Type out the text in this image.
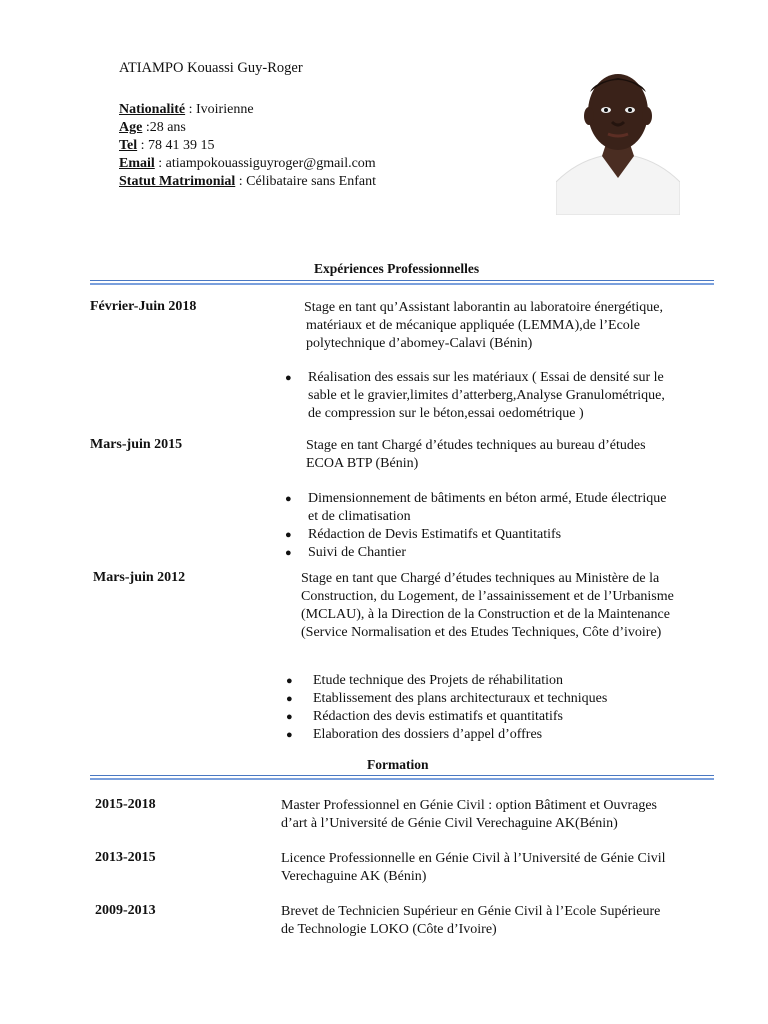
ATIAMPO Kouassi Guy-Roger
Nationalité : Ivoirienne
Age :28 ans
Tel : 78 41 39 15
Email : atiampokouassiguyroger@gmail.com
Statut Matrimonial : Célibataire sans Enfant
Expériences Professionnelles
Février-Juin 2018	Stage en tant qu’Assistant laborantin au laboratoire énergétique,
matériaux et de mécanique appliquée (LEMMA),de l’Ecole
polytechnique d’abomey-Calavi (Bénin)
● Réalisation des essais sur les matériaux ( Essai de densité sur le
sable et le gravier,limites d’atterberg,Analyse Granulométrique,
de compression sur le béton,essai oedométrique )
Mars-juin 2015	Stage en tant Chargé d’études techniques au bureau d’études
ECOA BTP (Bénin)
● Dimensionnement de bâtiments en béton armé, Etude électrique
et de climatisation
● Rédaction de Devis Estimatifs et Quantitatifs
● Suivi de Chantier
Mars-juin 2012	Stage en tant que Chargé d’études techniques au Ministère de la
Construction, du Logement, de l’assainissement et de l’Urbanisme
(MCLAU), à la Direction de la Construction et de la Maintenance
(Service Normalisation et des Etudes Techniques, Côte d’ivoire)
● Etude technique des Projets de réhabilitation
● Etablissement des plans architecturaux et techniques
● Rédaction des devis estimatifs et quantitatifs
● Elaboration des dossiers d’appel d’offres
Formation
2015-2018	Master Professionnel en Génie Civil : option Bâtiment et Ouvrages
d’art à l’Université de Génie Civil Verechaguine AK(Bénin)
2013-2015	Licence Professionnelle en Génie Civil à l’Université de Génie Civil
Verechaguine AK (Bénin)
2009-2013	Brevet de Technicien Supérieur en Génie Civil à l’Ecole Supérieure
de Technologie LOKO (Côte d’Ivoire)
